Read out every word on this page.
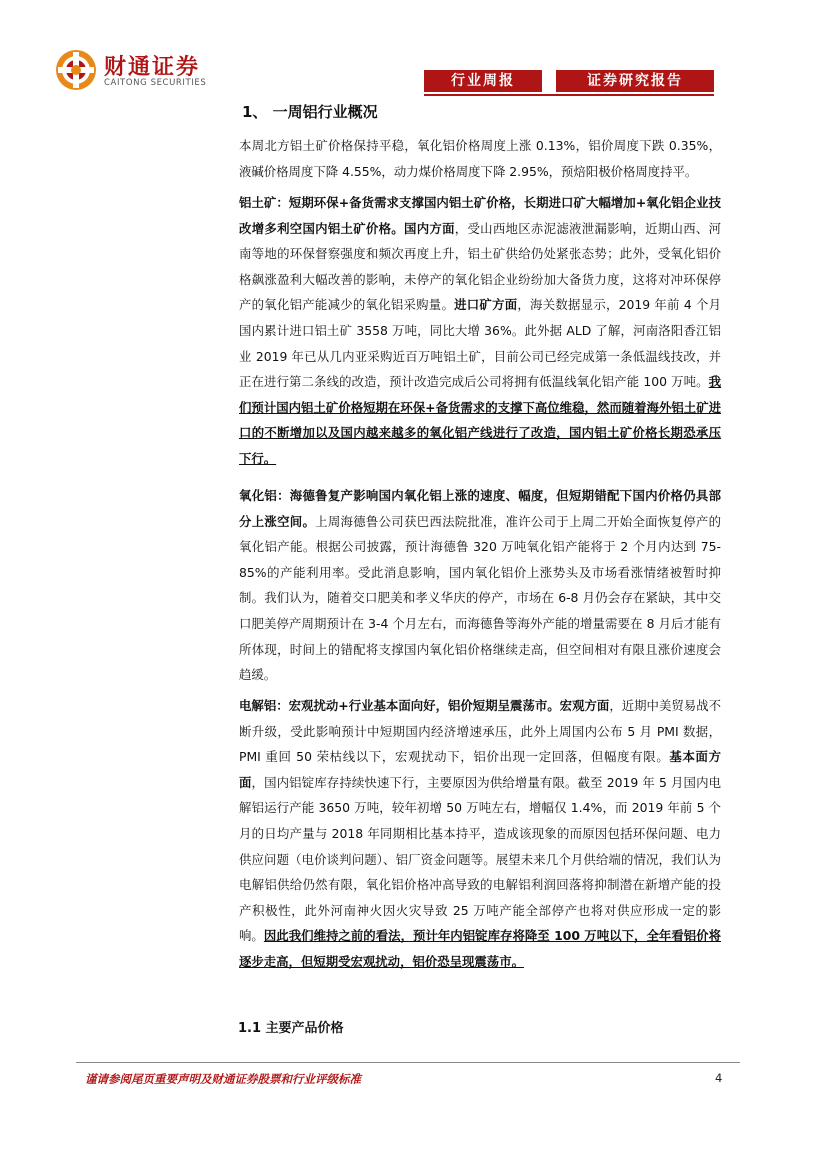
财通证券
CAITONG SECURITIES	行业周报	证券研究报告
1、 一周铝行业概况
本周北方铝土矿价格保持平稳，氧化铝价格周度上涨 0.13%，铝价周度下跌 0.35%，液碱价格周度下降 4.55%，动力煤价格周度下降 2.95%，预焙阳极价格周度持平。
铝土矿：短期环保+备货需求支撑国内铝土矿价格，长期进口矿大幅增加+氧化铝企业技改增多利空国内铝土矿价格。国内方面，受山西地区赤泥滤液泄漏影响，近期山西、河南等地的环保督察强度和频次再度上升，铝土矿供给仍处紧张态势；此外，受氧化铝价格飙涨盈利大幅改善的影响，未停产的氧化铝企业纷纷加大备货力度，这将对冲环保停产的氧化铝产能减少的氧化铝采购量。进口矿方面，海关数据显示，2019 年前 4 个月国内累计进口铝土矿 3558 万吨，同比大增 36%。此外据 ALD 了解，河南洛阳香江铝业 2019 年已从几内亚采购近百万吨铝土矿，目前公司已经完成第一条低温线技改，并正在进行第二条线的改造，预计改造完成后公司将拥有低温线氧化铝产能 100 万吨。我们预计国内铝土矿价格短期在环保+备货需求的支撑下高位维稳，然而随着海外铝土矿进口的不断增加以及国内越来越多的氧化铝产线进行了改造，国内铝土矿价格长期恐承压下行。
氧化铝：海德鲁复产影响国内氧化铝上涨的速度、幅度，但短期错配下国内价格仍具部分上涨空间。上周海德鲁公司获巴西法院批准，准许公司于上周二开始全面恢复停产的氧化铝产能。根据公司披露，预计海德鲁 320 万吨氧化铝产能将于 2 个月内达到 75-85%的产能利用率。受此消息影响，国内氧化铝价上涨势头及市场看涨情绪被暂时抑制。我们认为，随着交口肥美和孝义华庆的停产，市场在 6-8 月仍会存在紧缺，其中交口肥美停产周期预计在 3-4 个月左右，而海德鲁等海外产能的增量需要在 8 月后才能有所体现，时间上的错配将支撑国内氧化铝价格继续走高，但空间相对有限且涨价速度会趋缓。
电解铝：宏观扰动+行业基本面向好，铝价短期呈震荡市。宏观方面，近期中美贸易战不断升级，受此影响预计中短期国内经济增速承压，此外上周国内公布 5 月 PMI 数据，PMI 重回 50 荣枯线以下，宏观扰动下，铝价出现一定回落，但幅度有限。基本面方面，国内铝锭库存持续快速下行，主要原因为供给增量有限。截至 2019 年 5 月国内电解铝运行产能 3650 万吨，较年初增 50 万吨左右，增幅仅 1.4%，而 2019 年前 5 个月的日均产量与 2018 年同期相比基本持平，造成该现象的而原因包括环保问题、电力供应问题（电价谈判问题）、铝厂资金问题等。展望未来几个月供给端的情况，我们认为电解铝供给仍然有限，氧化铝价格冲高导致的电解铝利润回落将抑制潜在新增产能的投产积极性，此外河南神火因火灾导致 25 万吨产能全部停产也将对供应形成一定的影响。因此我们维持之前的看法，预计年内铝锭库存将降至 100 万吨以下，全年看铝价将逐步走高，但短期受宏观扰动，铝价恐呈现震荡市。
1.1 主要产品价格
谨请参阅尾页重要声明及财通证券股票和行业评级标准	4
